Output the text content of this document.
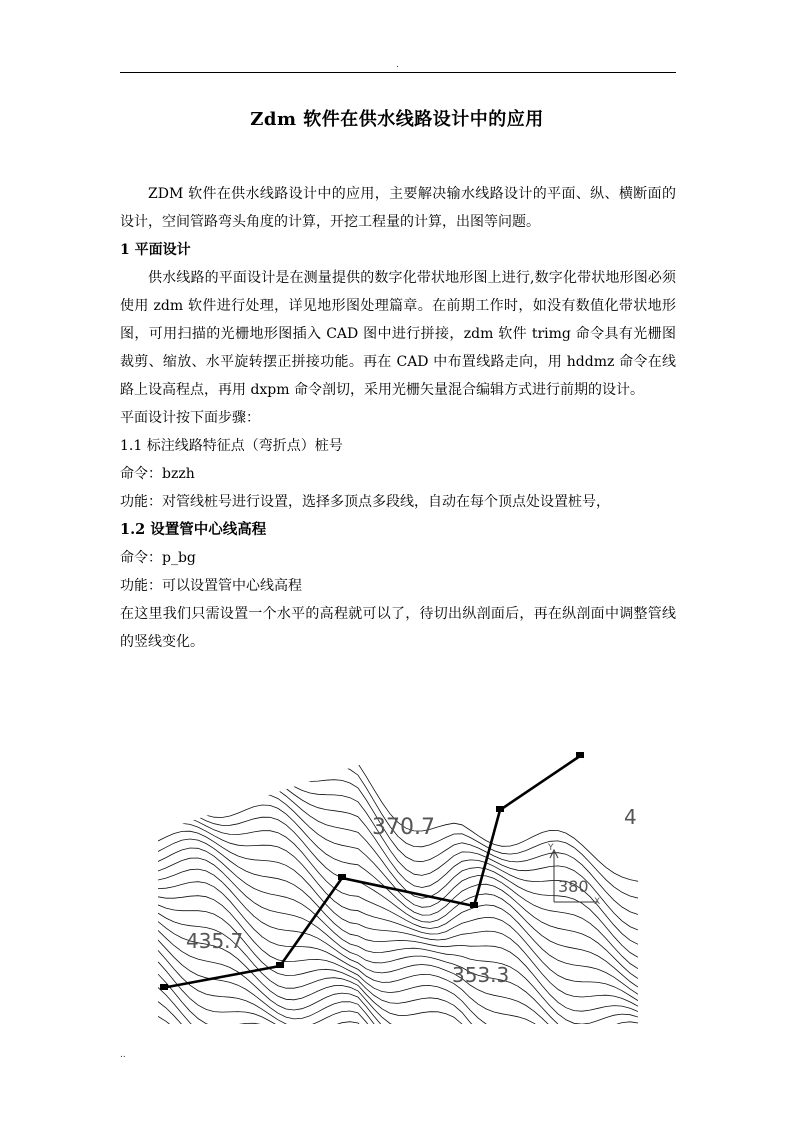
.
Zdm 软件在供水线路设计中的应用

ZDM 软件在供水线路设计中的应用，主要解决输水线路设计的平面、纵、横断面的设计，空间管路弯头角度的计算，开挖工程量的计算，出图等问题。

1 平面设计

供水线路的平面设计是在测量提供的数字化带状地形图上进行,数字化带状地形图必须使用 zdm 软件进行处理，详见地形图处理篇章。在前期工作时，如没有数值化带状地形图，可用扫描的光栅地形图插入 CAD 图中进行拼接，zdm 软件 trimg 命令具有光栅图裁剪、缩放、水平旋转摆正拼接功能。再在 CAD 中布置线路走向，用 hddmz 命令在线路上设高程点，再用 dxpm 命令剖切，采用光栅矢量混合编辑方式进行前期的设计。

平面设计按下面步骤：

1.1 标注线路特征点（弯折点）桩号

命令：bzzh

功能：对管线桩号进行设置，选择多顶点多段线，自动在每个顶点处设置桩号，

1.2 设置管中心线高程

命令：p_bg

功能：可以设置管中心线高程

在这里我们只需设置一个水平的高程就可以了，待切出纵剖面后，再在纵剖面中调整管线的竖线变化。

370.7
435.7
353.3
380
4
X
Y
..
